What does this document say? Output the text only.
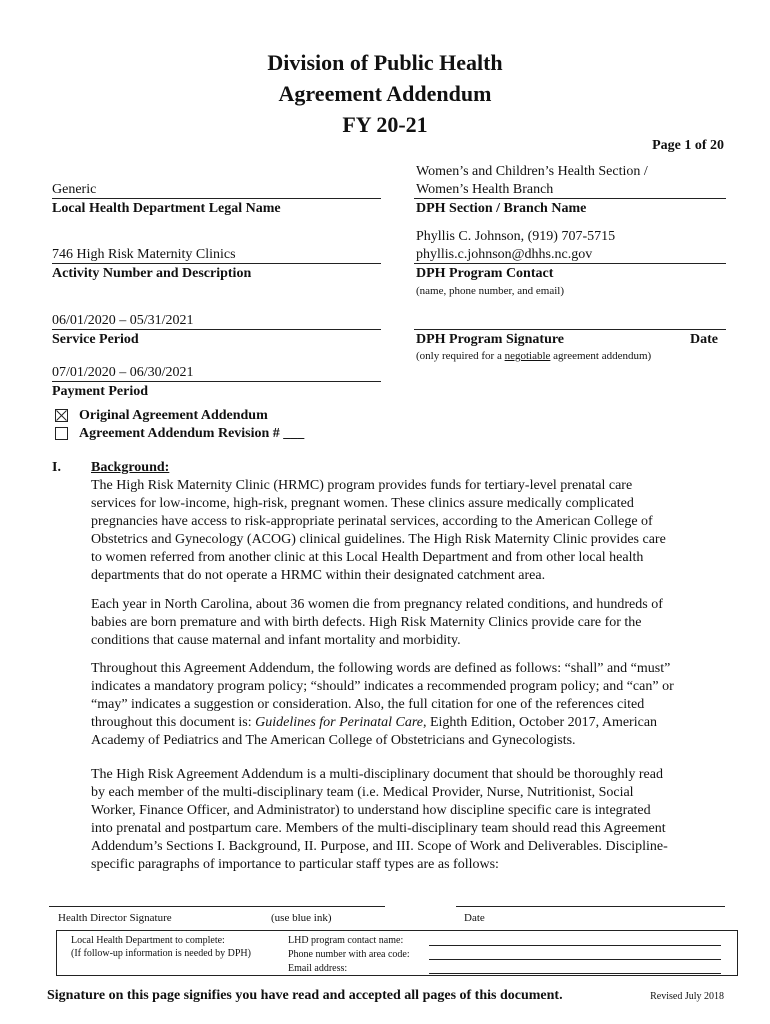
Division of Public Health
Agreement Addendum
FY 20-21
Page 1 of 20
Generic
Local Health Department Legal Name
746 High Risk Maternity Clinics
Activity Number and Description
06/01/2020 – 05/31/2021
Service Period
07/01/2020 – 06/30/2021
Payment Period
Women’s and Children’s Health Section /
Women’s Health Branch
DPH Section / Branch Name
Phyllis C. Johnson, (919) 707-5715
phyllis.c.johnson@dhhs.nc.gov
DPH Program Contact
(name, phone number, and email)
DPH Program Signature	Date
(only required for a negotiable agreement addendum)
Original Agreement Addendum
Agreement Addendum Revision # ___
I. Background:
The High Risk Maternity Clinic (HRMC) program provides funds for tertiary-level prenatal care
services for low-income, high-risk, pregnant women. These clinics assure medically complicated
pregnancies have access to risk-appropriate perinatal services, according to the American College of
Obstetrics and Gynecology (ACOG) clinical guidelines. The High Risk Maternity Clinic provides care
to women referred from another clinic at this Local Health Department and from other local health
departments that do not operate a HRMC within their designated catchment area.
Each year in North Carolina, about 36 women die from pregnancy related conditions, and hundreds of
babies are born premature and with birth defects. High Risk Maternity Clinics provide care for the
conditions that cause maternal and infant mortality and morbidity.
Throughout this Agreement Addendum, the following words are defined as follows: “shall” and “must”
indicates a mandatory program policy; “should” indicates a recommended program policy; and “can” or
“may” indicates a suggestion or consideration. Also, the full citation for one of the references cited
throughout this document is: Guidelines for Perinatal Care, Eighth Edition, October 2017, American
Academy of Pediatrics and The American College of Obstetricians and Gynecologists.
The High Risk Agreement Addendum is a multi-disciplinary document that should be thoroughly read
by each member of the multi-disciplinary team (i.e. Medical Provider, Nurse, Nutritionist, Social
Worker, Finance Officer, and Administrator) to understand how discipline specific care is integrated
into prenatal and postpartum care. Members of the multi-disciplinary team should read this Agreement
Addendum’s Sections I. Background, II. Purpose, and III. Scope of Work and Deliverables. Discipline-
specific paragraphs of importance to particular staff types are as follows:
Health Director Signature	(use blue ink)	Date
Local Health Department to complete:
(If follow-up information is needed by DPH)
LHD program contact name:
Phone number with area code:
Email address:
Signature on this page signifies you have read and accepted all pages of this document.	Revised July 2018
